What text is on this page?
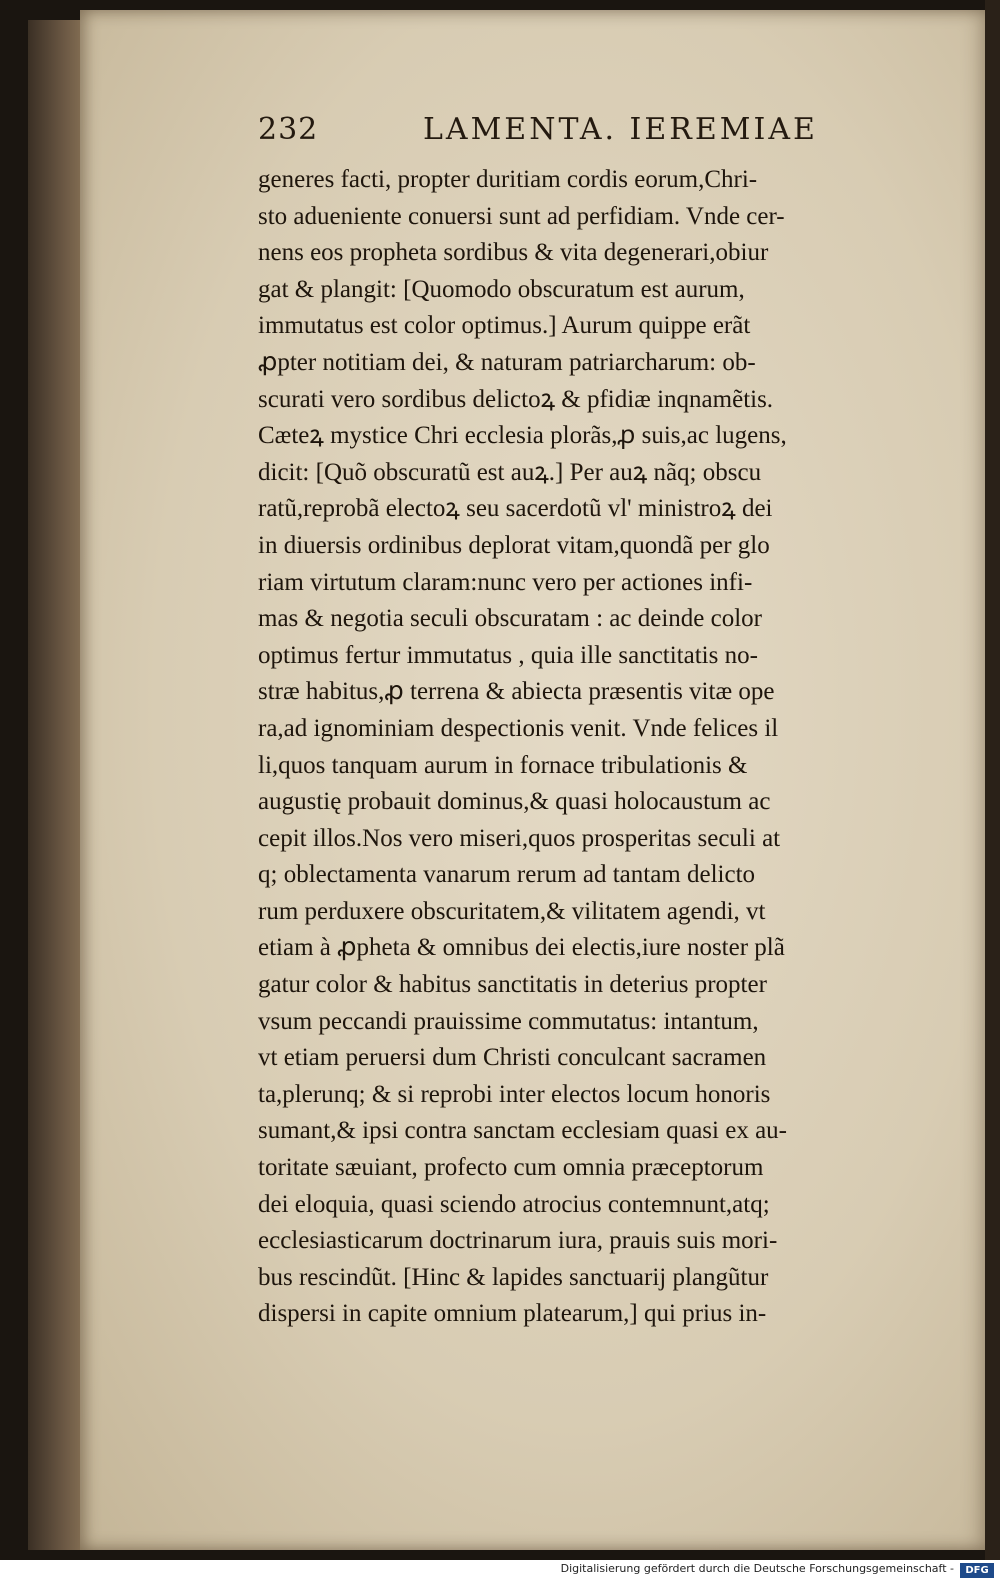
232	LAMENTA. IEREMIAE
generes facti, propter duritiam cordis eorum,Chri-
sto adueniente conuersi sunt ad perfidiam. Vnde cer-
nens eos propheta sordibus & vita degenerari,obiur
gat & plangit: [Quomodo obscuratum est aurum,
immutatus est color optimus.] Aurum quippe erãt
ꝓpter notitiam dei, & naturam patriarcharum: ob-
scurati vero sordibus delictoꝝ & pfidiæ inqnamẽtis.
Cæteꝝ mystice Chri ecclesia plorãs,ꝓ suis,ac lugens,
dicit: [Quõ obscuratũ est auꝝ.] Per auꝝ nãq; obscu
ratũ,reprobã electoꝝ seu sacerdotũ vl' ministroꝝ dei
in diuersis ordinibus deplorat vitam,quondã per glo
riam virtutum claram:nunc vero per actiones infi-
mas & negotia seculi obscuratam : ac deinde color
optimus fertur immutatus , quia ille sanctitatis no-
stræ habitus,ꝓ terrena & abiecta præsentis vitæ ope
ra,ad ignominiam despectionis venit. Vnde felices il
li,quos tanquam aurum in fornace tribulationis &
augustię probauit dominus,& quasi holocaustum ac
cepit illos.Nos vero miseri,quos prosperitas seculi at
q; oblectamenta vanarum rerum ad tantam delicto
rum perduxere obscuritatem,& vilitatem agendi, vt
etiam à ꝓpheta & omnibus dei electis,iure noster plã
gatur color & habitus sanctitatis in deterius propter
vsum peccandi prauissime commutatus: intantum,
vt etiam peruersi dum Christi conculcant sacramen
ta,plerunq; & si reprobi inter electos locum honoris
sumant,& ipsi contra sanctam ecclesiam quasi ex au-
toritate sæuiant, profecto cum omnia præceptorum
dei eloquia, quasi sciendo atrocius contemnunt,atq;
ecclesiasticarum doctrinarum iura, prauis suis mori-
bus rescindũt. [Hinc & lapides sanctuarij plangũtur
dispersi in capite omnium platearum,] qui prius in-
Digitalisierung gefördert durch die Deutsche Forschungsgemeinschaft -	DFG
